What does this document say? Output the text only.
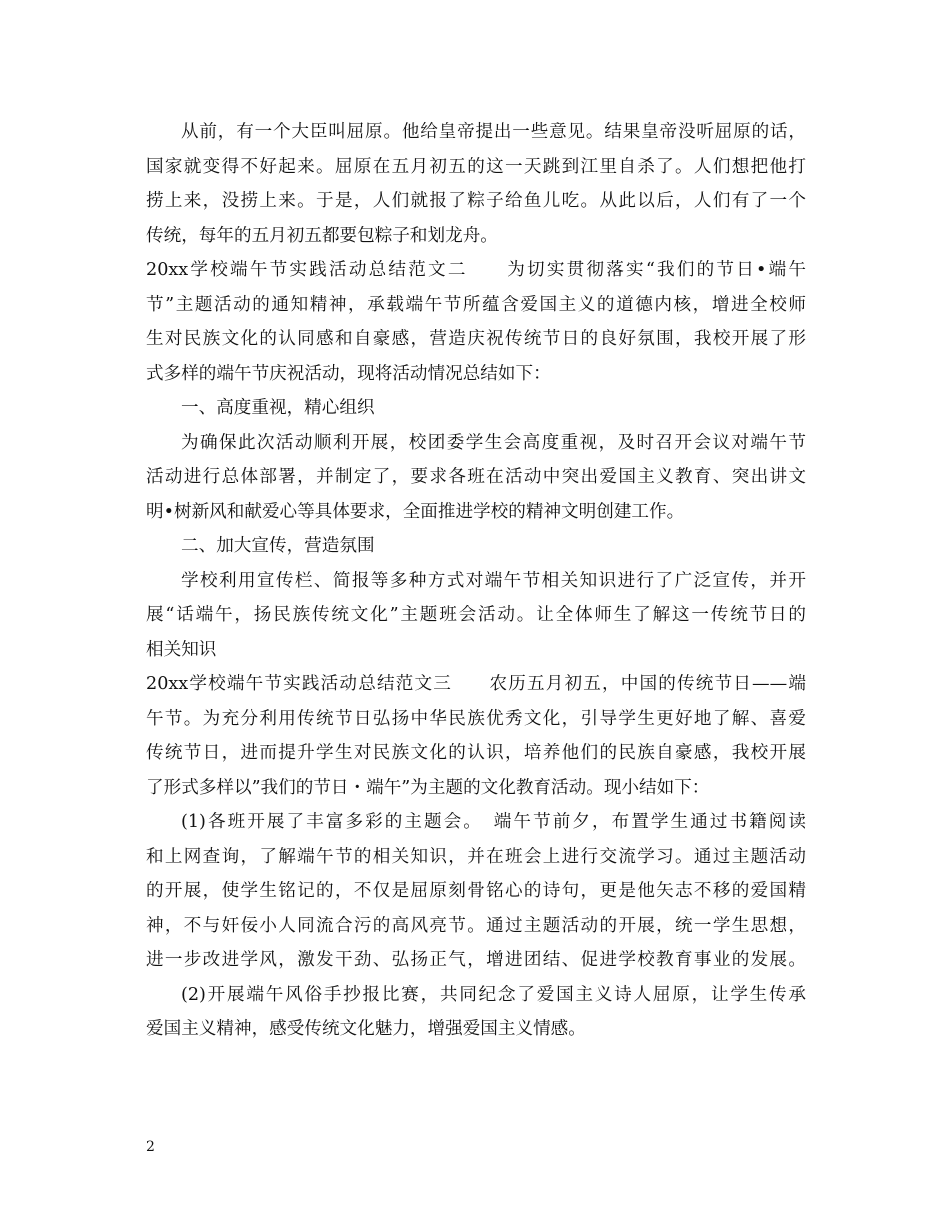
从前，有一个大臣叫屈原。他给皇帝提出一些意见。结果皇帝没听屈原的话，
国家就变得不好起来。屈原在五月初五的这一天跳到江里自杀了。人们想把他打
捞上来，没捞上来。于是，人们就报了粽子给鱼儿吃。从此以后，人们有了一个
传统，每年的五月初五都要包粽子和划龙舟。
20xx学校端午节实践活动总结范文二　　为切实贯彻落实“我们的节日•端午
节”主题活动的通知精神，承载端午节所蕴含爱国主义的道德内核，增进全校师
生对民族文化的认同感和自豪感，营造庆祝传统节日的良好氛围，我校开展了形
式多样的端午节庆祝活动，现将活动情况总结如下：
一、高度重视，精心组织
为确保此次活动顺利开展，校团委学生会高度重视，及时召开会议对端午节
活动进行总体部署，并制定了，要求各班在活动中突出爱国主义教育、突出讲文
明•树新风和献爱心等具体要求，全面推进学校的精神文明创建工作。
二、加大宣传，营造氛围
学校利用宣传栏、简报等多种方式对端午节相关知识进行了广泛宣传，并开
展“话端午，扬民族传统文化”主题班会活动。让全体师生了解这一传统节日的
相关知识
20xx学校端午节实践活动总结范文三　　农历五月初五，中国的传统节日——端
午节。为充分利用传统节日弘扬中华民族优秀文化，引导学生更好地了解、喜爱
传统节日，进而提升学生对民族文化的认识，培养他们的民族自豪感，我校开展
了形式多样以”我们的节日・端午”为主题的文化教育活动。现小结如下：
(1)各班开展了丰富多彩的主题会。　端午节前夕，布置学生通过书籍阅读
和上网查询，了解端午节的相关知识，并在班会上进行交流学习。通过主题活动
的开展，使学生铭记的，不仅是屈原刻骨铭心的诗句，更是他矢志不移的爱国精
神，不与奸佞小人同流合污的高风亮节。通过主题活动的开展，统一学生思想，
进一步改进学风，激发干劲、弘扬正气，增进团结、促进学校教育事业的发展。
(2)开展端午风俗手抄报比赛，共同纪念了爱国主义诗人屈原，让学生传承
爱国主义精神，感受传统文化魅力，增强爱国主义情感。
2
